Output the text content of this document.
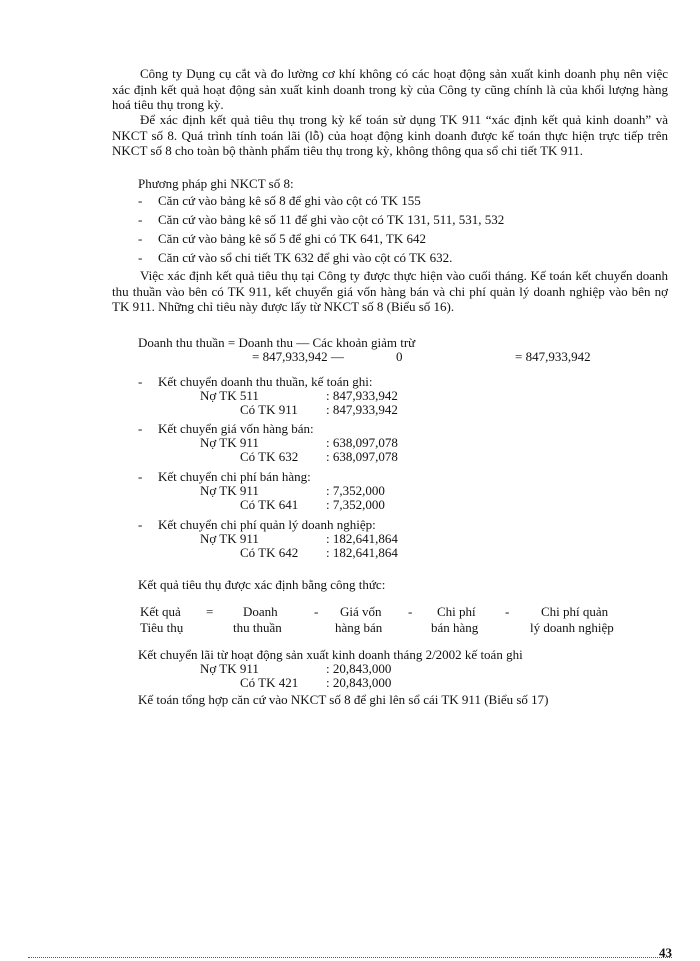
Công ty Dụng cụ cắt và đo lường cơ khí không có các hoạt động sản xuất kinh doanh phụ nên việc xác định kết quả hoạt động sản xuất kinh doanh trong kỳ của Công ty cũng chính là của khối lượng hàng hoá tiêu thụ trong kỳ.

Để xác định kết quả tiêu thụ trong kỳ kế toán sử dụng TK 911 “xác định kết quả kinh doanh” và NKCT số 8. Quá trình tính toán lãi (lỗ) của hoạt động kinh doanh được kế toán thực hiện trực tiếp trên NKCT số 8 cho toàn bộ thành phẩm tiêu thụ trong kỳ, không thông qua sổ chi tiết TK 911.

Phương pháp ghi NKCT số 8:

- Căn cứ vào bảng kê số 8 để ghi vào cột có TK 155
- Căn cứ vào bảng kê số 11 để ghi vào cột có TK 131, 511, 531, 532
- Căn cứ vào bảng kê số 5 để ghi có TK 641, TK 642
- Căn cứ vào sổ chi tiết TK 632 để ghi vào cột có TK 632.

Việc xác định kết quả tiêu thụ tại Công ty được thực hiện vào cuối tháng. Kế toán kết chuyển doanh thu thuần vào bên có TK 911, kết chuyển giá vốn hàng bán và chi phí quản lý doanh nghiệp vào bên nợ TK 911. Những chỉ tiêu này được lấy từ NKCT số 8 (Biểu số 16).

Doanh thu thuần = Doanh thu — Các khoản giảm trừ

= 847,933,942 —	0	= 847,933,942

- Kết chuyển doanh thu thuần, kế toán ghi:
Nợ TK 511	: 847,933,942
Có TK 911 : 847,933,942
- Kết chuyển giá vốn hàng bán:
Nợ TK 911	: 638,097,078
Có TK 632 : 638,097,078
- Kết chuyển chi phí bán hàng:
Nợ TK 911	: 7,352,000
Có TK 641 : 7,352,000
- Kết chuyển chi phí quản lý doanh nghiệp:
Nợ TK 911	: 182,641,864
Có TK 642 : 182,641,864

Kết quả tiêu thụ được xác định bằng công thức:

Kết quả = Doanh	- Giá vốn - Chi phí - Chi phí quản
Tiêu thụ	thu thuần	hàng bán	bán hàng	lý doanh nghiệp

Kết chuyển lãi từ hoạt động sản xuất kinh doanh tháng 2/2002 kế toán ghi

Nợ TK 911	: 20,843,000
Có TK 421 : 20,843,000

Kế toán tổng hợp căn cứ vào NKCT số 8 để ghi lên sổ cái TK 911 (Biểu số 17)

43
